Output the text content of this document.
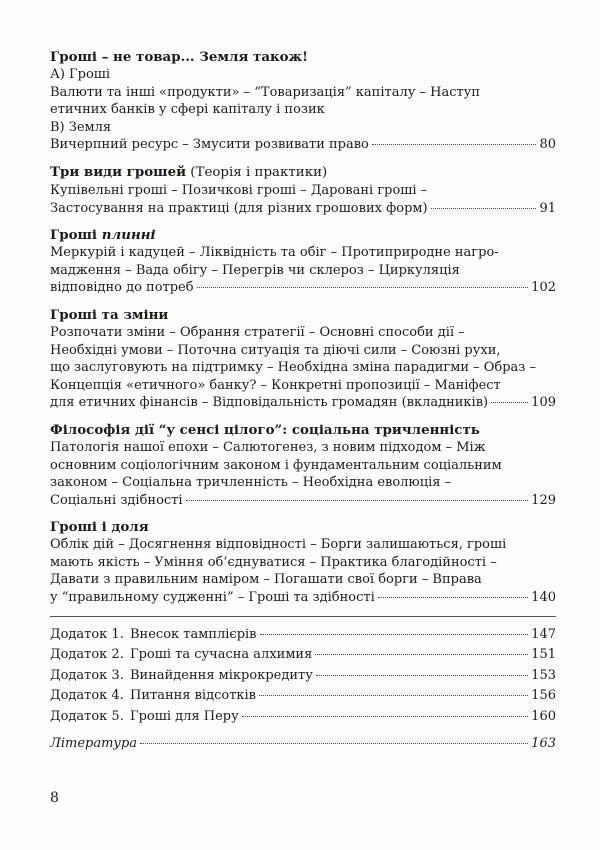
Гроші – не товар... Земля також!
А) Гроші
Валюти та інші «продукти» – “Товаризація” капіталу – Наступ
етичних банків у сфері капіталу і позик
В) Земля
Вичерпний ресурс – Змусити розвивати право	80
Три види грошей (Теорія і практики)
Купівельні гроші – Позичкові гроші – Даровані гроші –
Застосування на практиці (для різних грошових форм)	91
Гроші плинні
Меркурій і кадуцей – Ліквідність та обіг – Протиприродне нагро-
мадження – Вада обігу – Перегрів чи склероз – Циркуляція
відповідно до потреб	102
Гроші та зміни
Розпочати зміни – Обрання стратегії – Основні способи дії –
Необхідні умови – Поточна ситуація та діючі сили – Союзні рухи,
що заслуговують на підтримку – Необхідна зміна парадигми – Образ –
Концепція «етичного» банку? – Конкретні пропозиції – Маніфест
для етичних фінансів – Відповідальність громадян (вкладників)	109
Філософія дії “у сенсі цілого”: соціальна тричленність
Патологія нашої епохи – Салютогенез, з новим підходом – Між
основним соціологічним законом і фундаментальним соціальним
законом – Соціальна тричленність – Необхідна еволюція –
Соціальні здібності	129
Гроші і доля
Облік дій – Досягнення відповідності – Борги залишаються, гроші
мають якість – Уміння об’єднуватися – Практика благодійності –
Давати з правильним наміром – Погашати свої борги – Вправа
у “правильному судженні” – Гроші та здібності	140
Додаток 1. Внесок тамплієрів	147
Додаток 2. Гроші та сучасна алхимия	151
Додаток 3. Винайдення мікрокредиту	153
Додаток 4. Питання відсотків	156
Додаток 5. Гроші для Перу	160
Література	163
8
